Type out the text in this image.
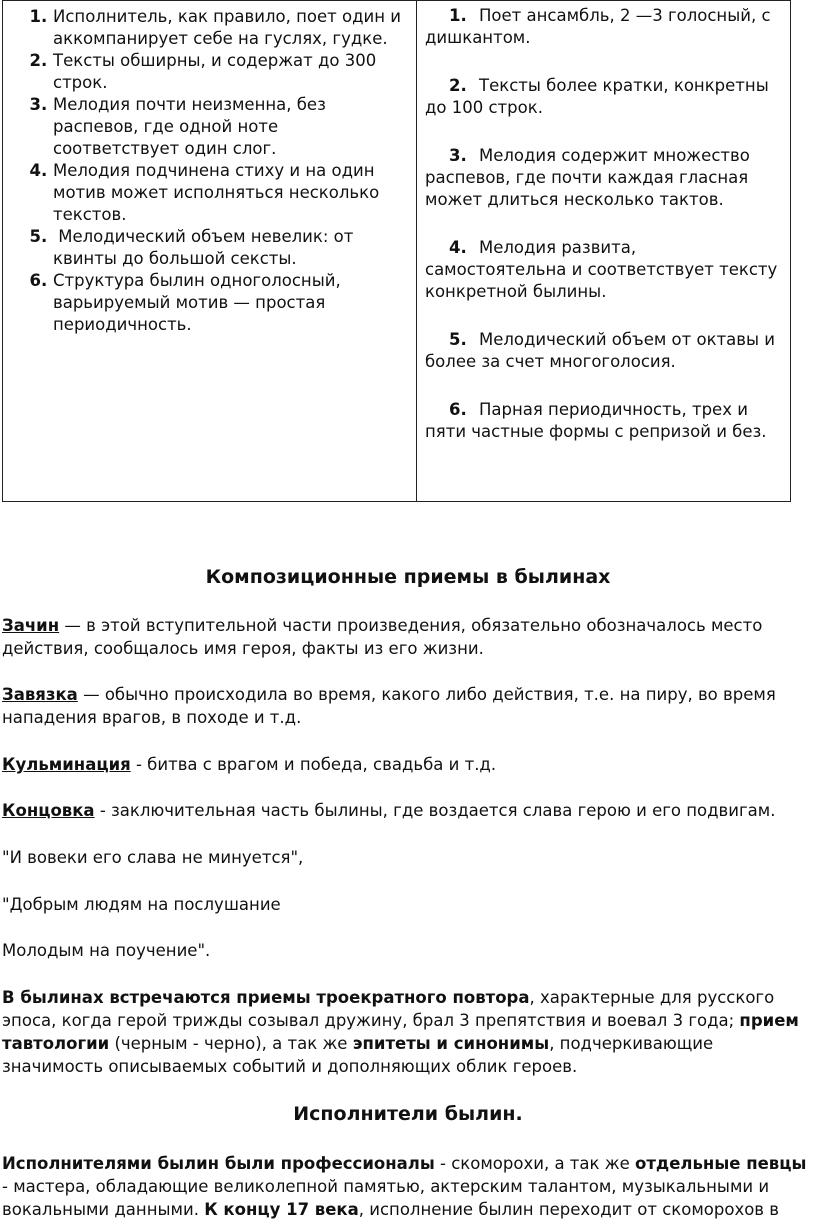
1. Исполнитель, как правило, поет один и аккомпанирует себе на гуслях, гудке.
2. Тексты обширны, и содержат до 300 строк.
3. Мелодия почти неизменна, без распевов, где одной ноте соответствует один слог.
4. Мелодия подчинена стиху и на один мотив может исполняться несколько текстов.
5.  Мелодический объем невелик: от квинты до большой сексты.
6. Структура былин одноголосный, варьируемый мотив — простая периодичность.

1. Поет ансамбль, 2 —3 голосный, с дишкантом.
2. Тексты более кратки, конкретны до 100 строк.
3. Мелодия содержит множество распевов, где почти каждая гласная может длиться несколько тактов.
4. Мелодия развита, самостоятельна и соответствует тексту конкретной былины.
5. Мелодический объем от октавы и более за счет многоголосия.
6. Парная периодичность, трех и пяти частные формы с репризой и без.
Композиционные приемы в былинах

Зачин — в этой вступительной части произведения, обязательно обозначалось место действия, сообщалось имя героя, факты из его жизни.

Завязка — обычно происходила во время, какого либо действия, т.е. на пиру, во время нападения врагов, в походе и т.д.

Кульминация - битва с врагом и победа, свадьба и т.д.

Концовка - заключительная часть былины, где воздается слава герою и его подвигам.

"И вовеки его слава не минуется",

"Добрым людям на послушание

Молодым на поучение".

В былинах встречаются приемы троекратного повтора, характерные для русского эпоса, когда герой трижды созывал дружину, брал 3 препятствия и воевал 3 года; прием тавтологии (черным - черно), а так же эпитеты и синонимы, подчеркивающие значимость описываемых событий и дополняющих облик героев.

Исполнители былин.

Исполнителями былин были профессионалы - скоморохи, а так же отдельные певцы - мастера, обладающие великолепной памятью, актерским талантом, музыкальными и вокальными данными. К концу 17 века, исполнение былин переходит от скоморохов в
